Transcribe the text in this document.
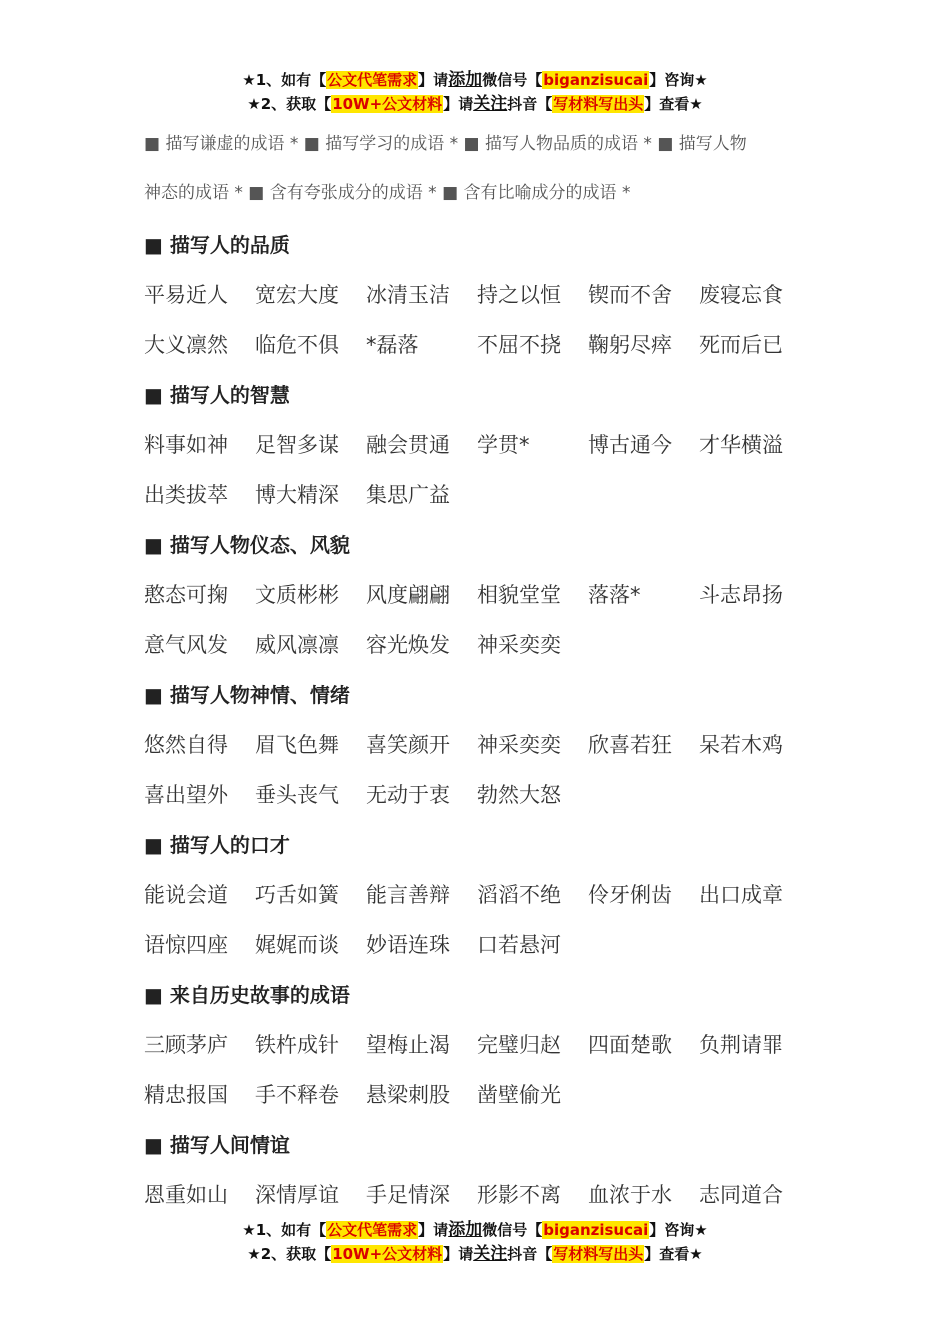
★1、如有【公文代笔需求】请添加微信号【biganzisucai】咨询★
★2、获取【10W+公文材料】请关注抖音【写材料写出头】查看★
■ 描写谦虚的成语 * ■ 描写学习的成语 * ■ 描写人物品质的成语 * ■ 描写人物
神态的成语 * ■ 含有夸张成分的成语 * ■ 含有比喻成分的成语 *
■ 描写人的品质
平易近人 宽宏大度 冰清玉洁 持之以恒 锲而不舍 废寝忘食
大义凛然 临危不俱 *磊落	不屈不挠 鞠躬尽瘁 死而后已
■ 描写人的智慧
料事如神 足智多谋 融会贯通 学贯*	博古通今 才华横溢
出类拔萃 博大精深 集思广益
■ 描写人物仪态、风貌
憨态可掬 文质彬彬 风度翩翩 相貌堂堂 落落*	斗志昂扬
意气风发 威风凛凛 容光焕发 神采奕奕
■ 描写人物神情、情绪
悠然自得 眉飞色舞 喜笑颜开 神采奕奕 欣喜若狂 呆若木鸡
喜出望外 垂头丧气 无动于衷 勃然大怒
■ 描写人的口才
能说会道 巧舌如簧 能言善辩 滔滔不绝 伶牙俐齿 出口成章
语惊四座 娓娓而谈 妙语连珠 口若悬河
■ 来自历史故事的成语
三顾茅庐 铁杵成针 望梅止渴 完璧归赵 四面楚歌 负荆请罪
精忠报国 手不释卷 悬梁刺股 凿壁偷光
■ 描写人间情谊
恩重如山 深情厚谊 手足情深 形影不离 血浓于水 志同道合
★1、如有【公文代笔需求】请添加微信号【biganzisucai】咨询★
★2、获取【10W+公文材料】请关注抖音【写材料写出头】查看★
